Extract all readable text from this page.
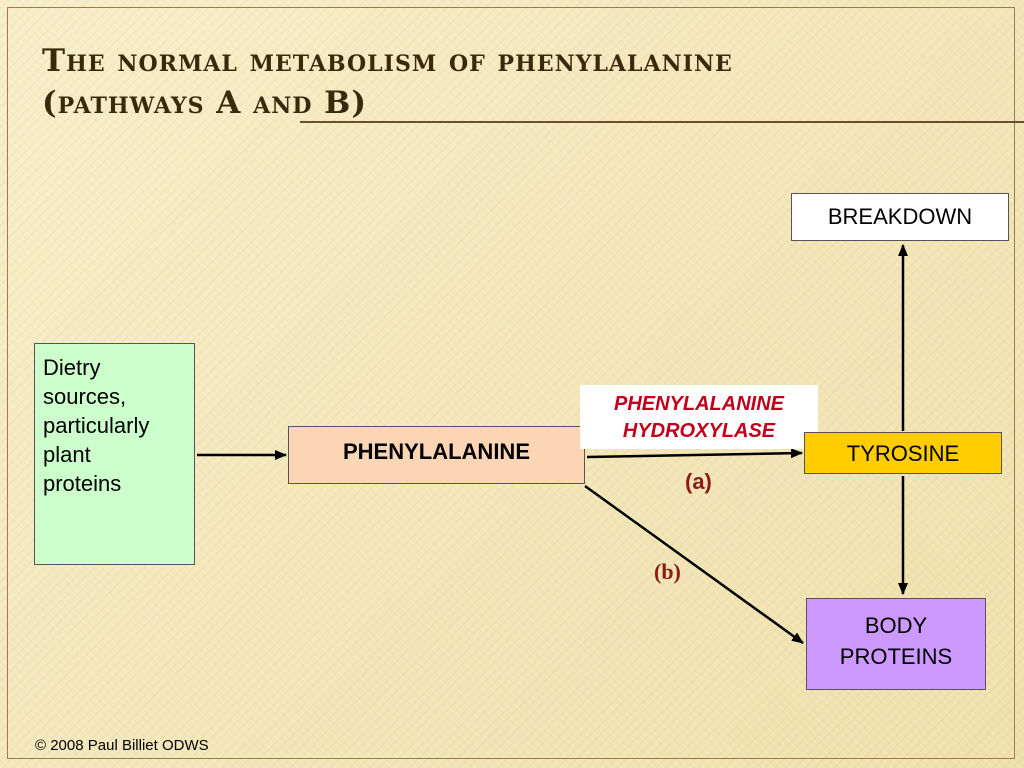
The normal metabolism of phenylalanine
(pathways A and B)
Dietry
sources,
particularly
plant
proteins
PHENYLALANINE
PHENYLALANINE
HYDROXYLASE
TYROSINE
BREAKDOWN
BODY
PROTEINS
(a)
(b)
© 2008 Paul Billiet ODWS
